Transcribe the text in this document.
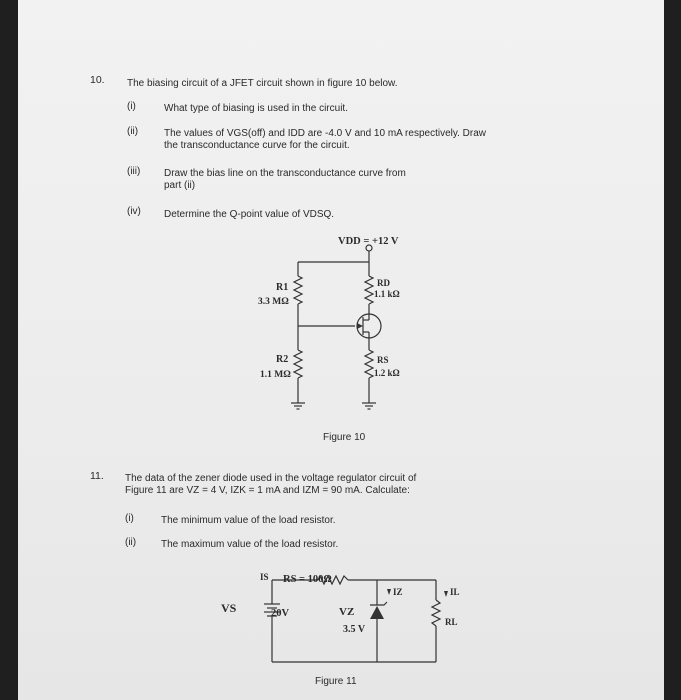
10. The biasing circuit of a JFET circuit shown in figure 10 below.
(i)	What type of biasing is used in the circuit.
(ii)	The values of VGS(off) and IDD are -4.0 V and 10 mA respectively. Draw
the transconductance curve for the circuit.
(iii) Draw the bias line on the transconductance curve from
part (ii)
(iv) Determine the Q-point value of VDSQ.
VDD = +12 V
R1
3.3 MΩ
R2
1.1 MΩ
RD
1.1 kΩ
RS
1.2 kΩ
Figure 10
11. The data of the zener diode used in the voltage regulator circuit of
Figure 11 are VZ = 4 V, IZK = 1 mA and IZM = 90 mA. Calculate:
(i)	The minimum value of the load resistor.
(ii) The maximum value of the load resistor.
IS RS = 100Ω
VS	20V	VZ
3.5 V
IZ	IL
RL
Figure 11
